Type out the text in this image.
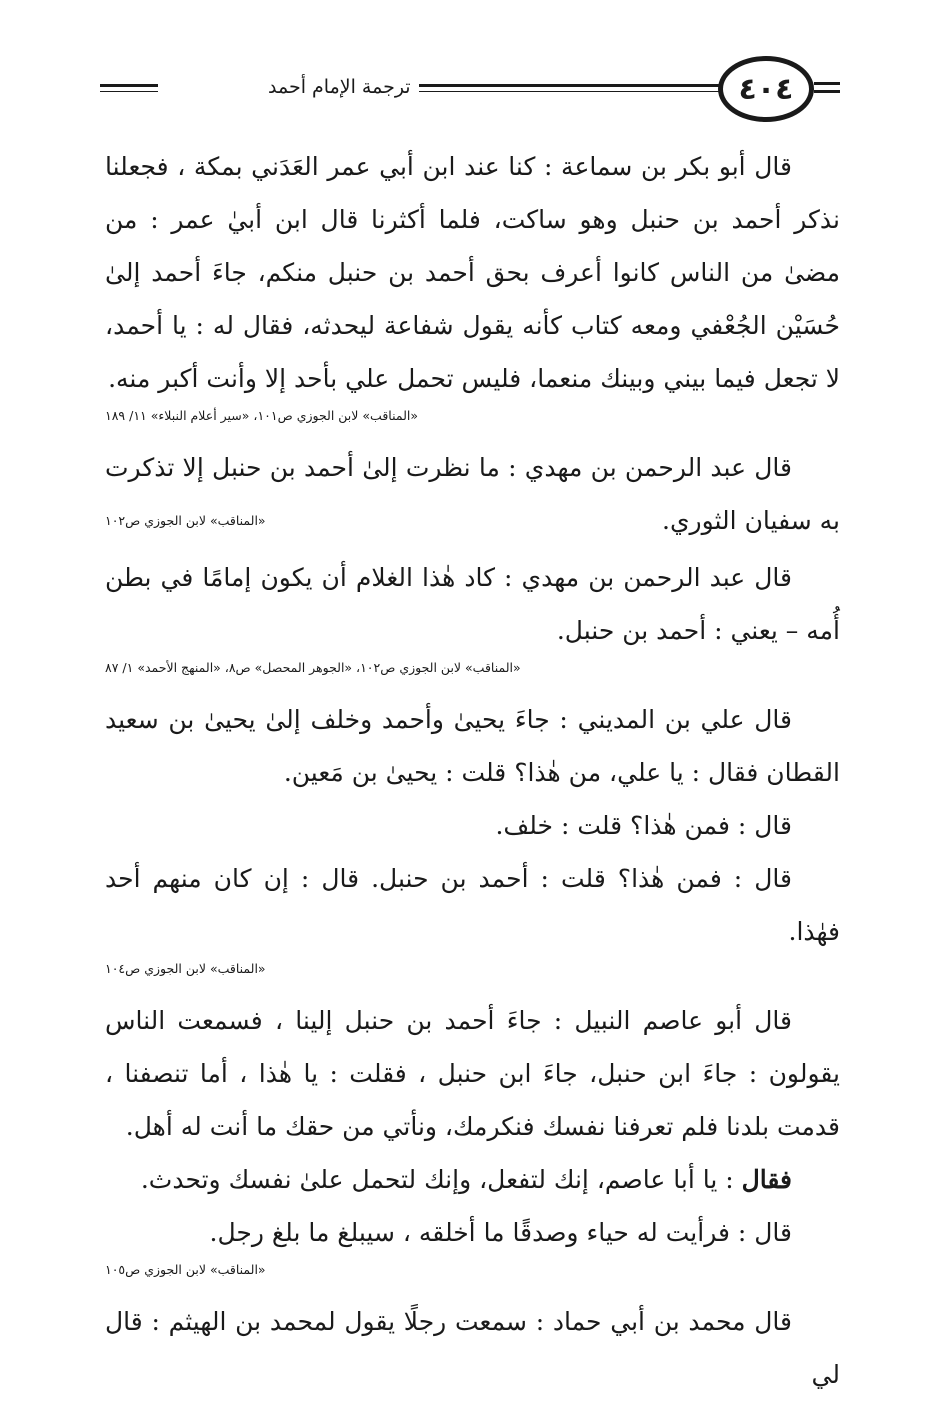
ترجمة الإمام أحمد	٤٠٤

قال أبو بكر بن سماعة : كنا عند ابن أبي عمر العَدَني بمكة ، فجعلنا نذكر أحمد بن حنبل وهو ساكت، فلما أكثرنا قال ابن أبيٰ عمر : من مضىٰ من الناس كانوا أعرف بحق أحمد بن حنبل منكم، جاءَ أحمد إلىٰ حُسَيْن الجُعْفي ومعه كتاب كأنه يقول شفاعة ليحدثه، فقال له : يا أحمد، لا تجعل فيما بيني وبينك منعما، فليس تحمل علي بأحد إلا وأنت أكبر منه.

«المناقب» لابن الجوزي ص١٠١، «سير أعلام النبلاء» ١١/ ١٨٩

قال عبد الرحمن بن مهدي : ما نظرت إلىٰ أحمد بن حنبل إلا تذكرت به سفيان الثوري.
«المناقب» لابن الجوزي ص١٠٢

قال عبد الرحمن بن مهدي : كاد هٰذا الغلام أن يكون إمامًا في بطن أُمه – يعني : أحمد بن حنبل.

«المناقب» لابن الجوزي ص١٠٢، «الجوهر المحصل» ص٨، «المنهج الأحمد» ١/ ٨٧

قال علي بن المديني : جاءَ يحيىٰ وأحمد وخلف إلىٰ يحيىٰ بن سعيد القطان فقال : يا علي، من هٰذا؟ قلت : يحيىٰ بن مَعين.

قال : فمن هٰذا؟ قلت : خلف.

قال : فمن هٰذا؟ قلت : أحمد بن حنبل. قال : إن كان منهم أحد فهٰذا.

«المناقب» لابن الجوزي ص١٠٤

قال أبو عاصم النبيل : جاءَ أحمد بن حنبل إلينا ، فسمعت الناس يقولون : جاءَ ابن حنبل، جاءَ ابن حنبل ، فقلت : يا هٰذا ، أما تنصفنا ، قدمت بلدنا فلم تعرفنا نفسك فنكرمك، ونأتي من حقك ما أنت له أهل.

فقال : يا أبا عاصم، إنك لتفعل، وإنك لتحمل علىٰ نفسك وتحدث.

قال : فرأيت له حياء وصدقًا ما أخلقه ، سيبلغ ما بلغ رجل.

«المناقب» لابن الجوزي ص١٠٥

قال محمد بن أبي حماد : سمعت رجلًا يقول لمحمد بن الهيثم : قال لي
